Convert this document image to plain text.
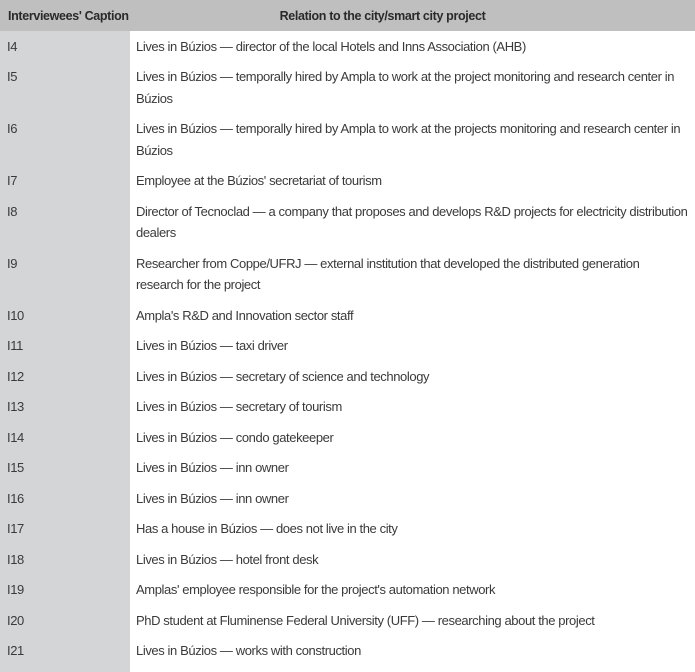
Interviewees' Caption	Relation to the city/smart city project
I4	Lives in Búzios — director of the local Hotels and Inns Association (AHB)
I5	Lives in Búzios — temporally hired by Ampla to work at the project monitoring and research center in Búzios
I6	Lives in Búzios — temporally hired by Ampla to work at the projects monitoring and research center in Búzios
I7	Employee at the Búzios' secretariat of tourism
I8	Director of Tecnoclad — a company that proposes and develops R&D projects for electricity distribution dealers
I9	Researcher from Coppe/UFRJ — external institution that developed the distributed generation research for the project
I10	Ampla's R&D and Innovation sector staff
I11	Lives in Búzios — taxi driver
I12	Lives in Búzios — secretary of science and technology
I13	Lives in Búzios — secretary of tourism
I14	Lives in Búzios — condo gatekeeper
I15	Lives in Búzios — inn owner
I16	Lives in Búzios — inn owner
I17	Has a house in Búzios — does not live in the city
I18	Lives in Búzios — hotel front desk
I19	Amplas' employee responsible for the project's automation network
I20	PhD student at Fluminense Federal University (UFF) — researching about the project
I21	Lives in Búzios — works with construction
